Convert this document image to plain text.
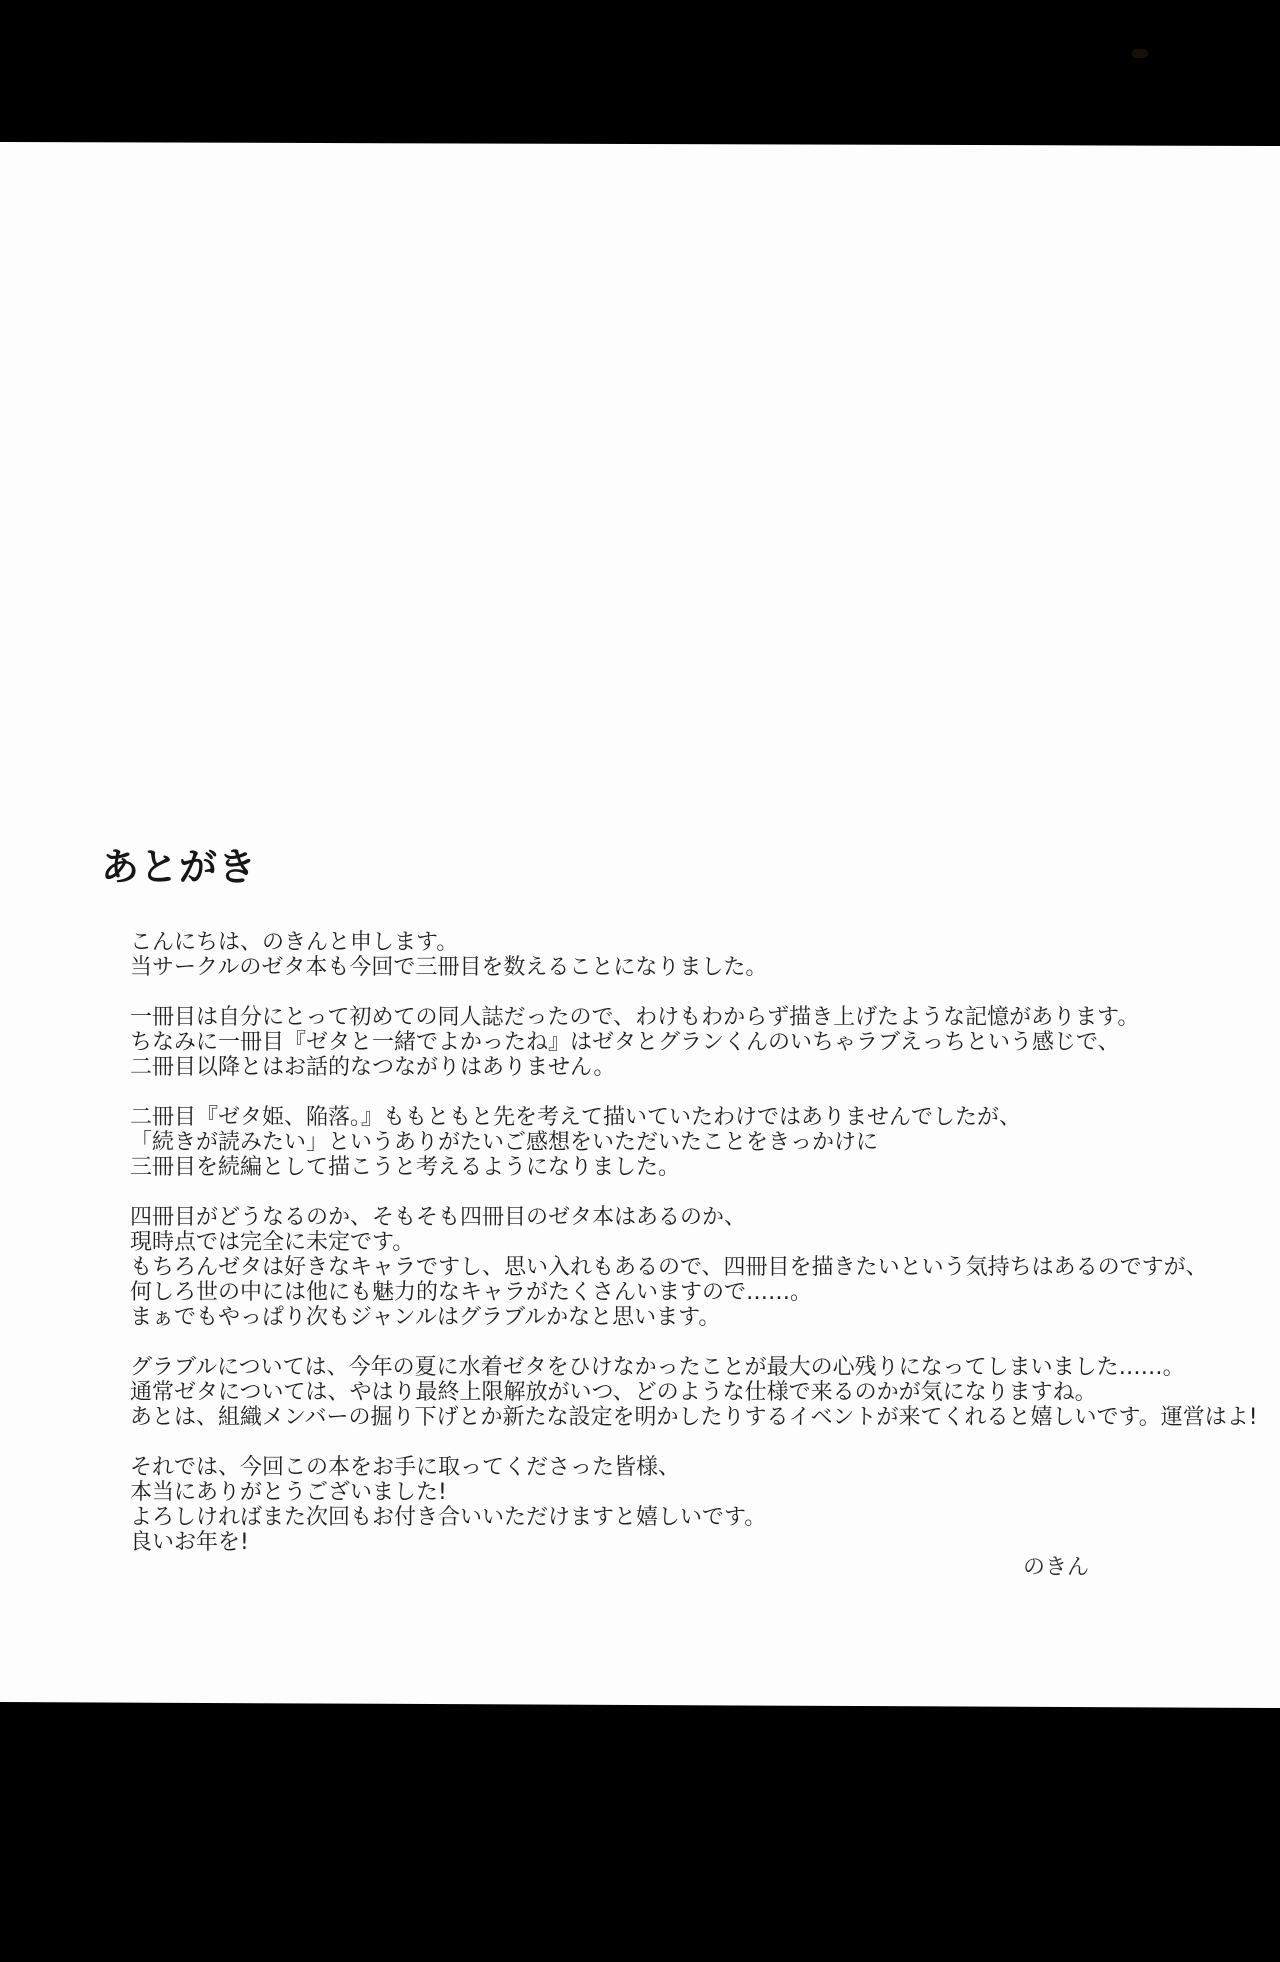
あとがき
こんにちは、のきんと申します。
当サークルのゼタ本も今回で三冊目を数えることになりました。
一冊目は自分にとって初めての同人誌だったので、わけもわからず描き上げたような記憶があります。
ちなみに一冊目『ゼタと一緒でよかったね』はゼタとグランくんのいちゃラブえっちという感じで、
二冊目以降とはお話的なつながりはありません。
二冊目『ゼタ姫、陥落。』ももともと先を考えて描いていたわけではありませんでしたが、
「続きが読みたい」というありがたいご感想をいただいたことをきっかけに
三冊目を続編として描こうと考えるようになりました。
四冊目がどうなるのか、そもそも四冊目のゼタ本はあるのか、
現時点では完全に未定です。
もちろんゼタは好きなキャラですし、思い入れもあるので、四冊目を描きたいという気持ちはあるのですが、
何しろ世の中には他にも魅力的なキャラがたくさんいますので……。
まぁでもやっぱり次もジャンルはグラブルかなと思います。
グラブルについては、今年の夏に水着ゼタをひけなかったことが最大の心残りになってしまいました……。
通常ゼタについては、やはり最終上限解放がいつ、どのような仕様で来るのかが気になりますね。
あとは、組織メンバーの掘り下げとか新たな設定を明かしたりするイベントが来てくれると嬉しいです。運営はよ!
それでは、今回この本をお手に取ってくださった皆様、
本当にありがとうございました!
よろしければまた次回もお付き合いいただけますと嬉しいです。
良いお年を!
のきん
